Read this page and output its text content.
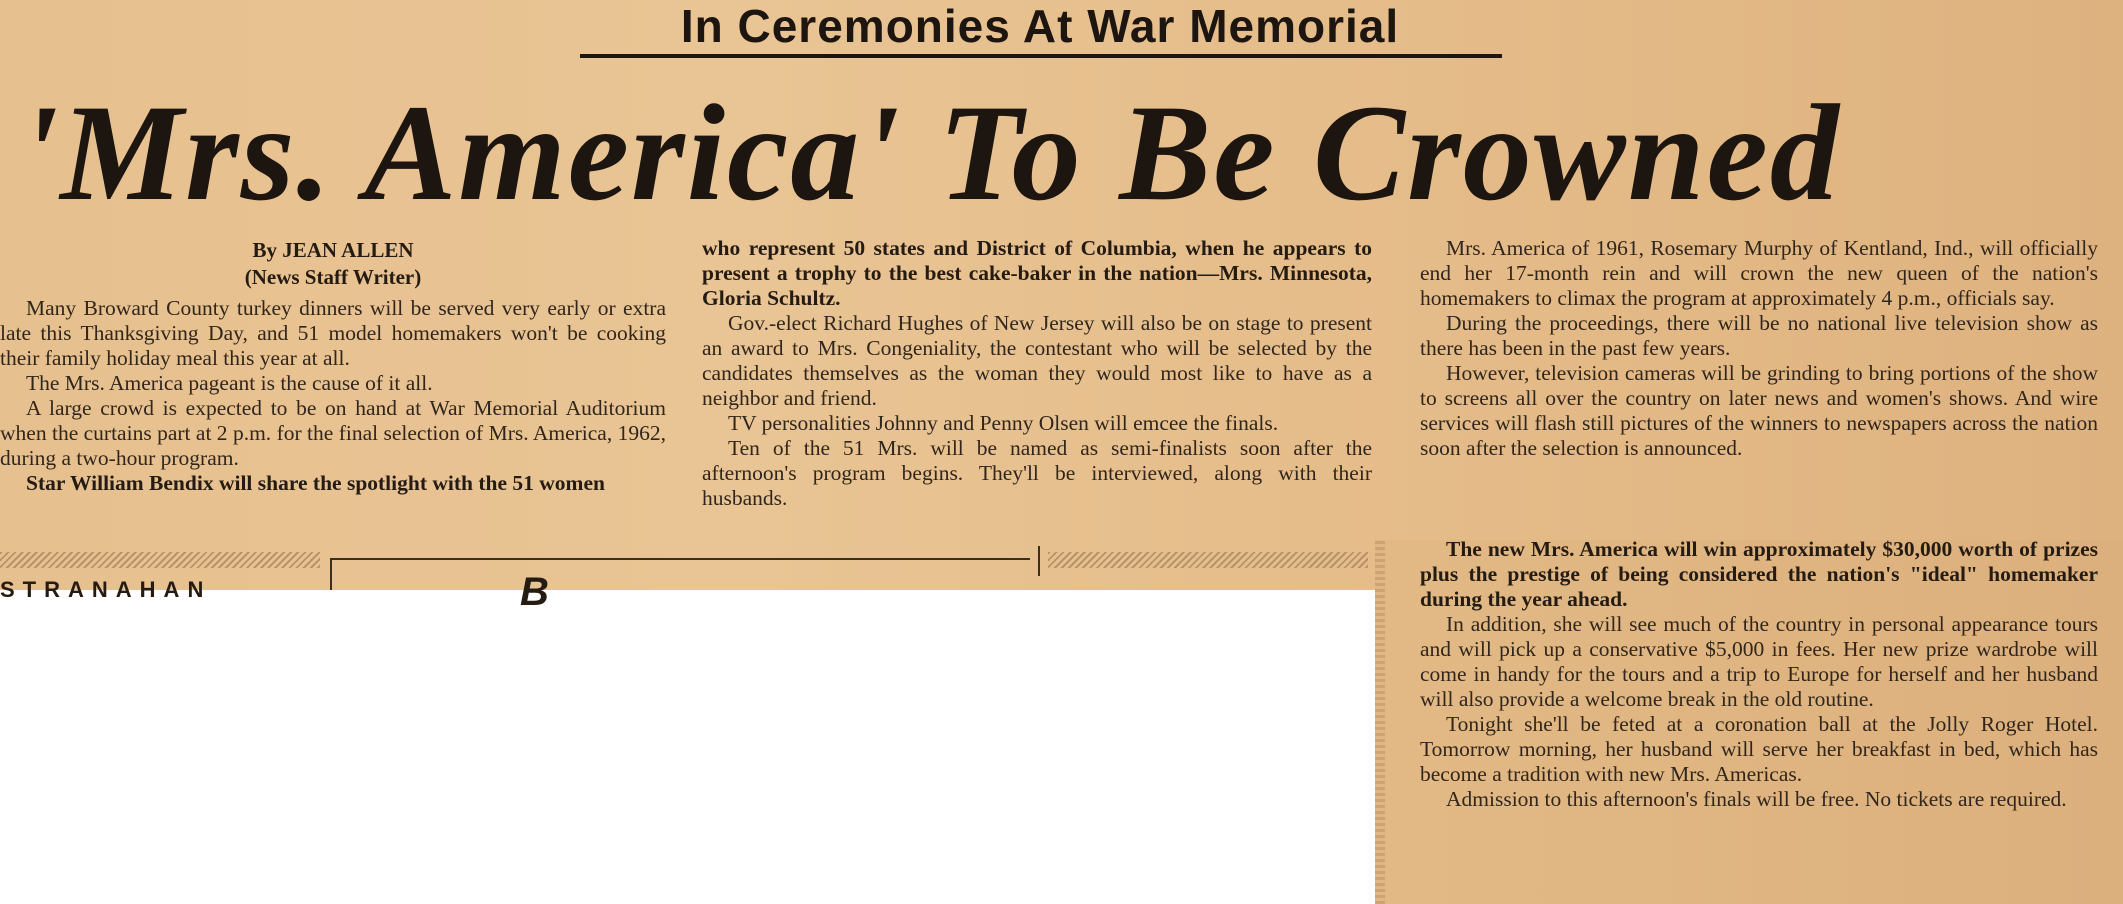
In Ceremonies At War Memorial
'Mrs. America' To Be Crowned

By JEAN ALLEN

(News Staff Writer)

Many Broward County turkey dinners will be served very early or extra late this Thanksgiving Day, and 51 model homemakers won't be cooking their family holiday meal this year at all.

The Mrs. America pageant is the cause of it all.

A large crowd is expected to be on hand at War Memorial Auditorium when the curtains part at 2 p.m. for the final selection of Mrs. America, 1962, during a two-hour program.

Star William Bendix will share the spotlight with the 51 women

who represent 50 states and District of Columbia, when he appears to present a trophy to the best cake-baker in the nation—Mrs. Minnesota, Gloria Schultz.

Gov.-elect Richard Hughes of New Jersey will also be on stage to present an award to Mrs. Congeniality, the contestant who will be selected by the candidates themselves as the woman they would most like to have as a neighbor and friend.

TV personalities Johnny and Penny Olsen will emcee the finals.

Ten of the 51 Mrs. will be named as semi-finalists soon after the afternoon's program begins. They'll be interviewed, along with their husbands.

Mrs. America of 1961, Rosemary Murphy of Kentland, Ind., will officially end her 17-month rein and will crown the new queen of the nation's homemakers to climax the program at approximately 4 p.m., officials say.

During the proceedings, there will be no national live television show as there has been in the past few years.

However, television cameras will be grinding to bring portions of the show to screens all over the country on later news and women's shows. And wire services will flash still pictures of the winners to newspapers across the nation soon after the selection is announced.

The new Mrs. America will win approximately $30,000 worth of prizes plus the prestige of being considered the nation's "ideal" homemaker during the year ahead.

In addition, she will see much of the country in personal appearance tours and will pick up a conservative $5,000 in fees. Her new prize wardrobe will come in handy for the tours and a trip to Europe for herself and her husband will also provide a welcome break in the old routine.

Tonight she'll be feted at a coronation ball at the Jolly Roger Hotel. Tomorrow morning, her husband will serve her breakfast in bed, which has become a tradition with new Mrs. Americas.

Admission to this afternoon's finals will be free. No tickets are required.

STRANAHAN	B
